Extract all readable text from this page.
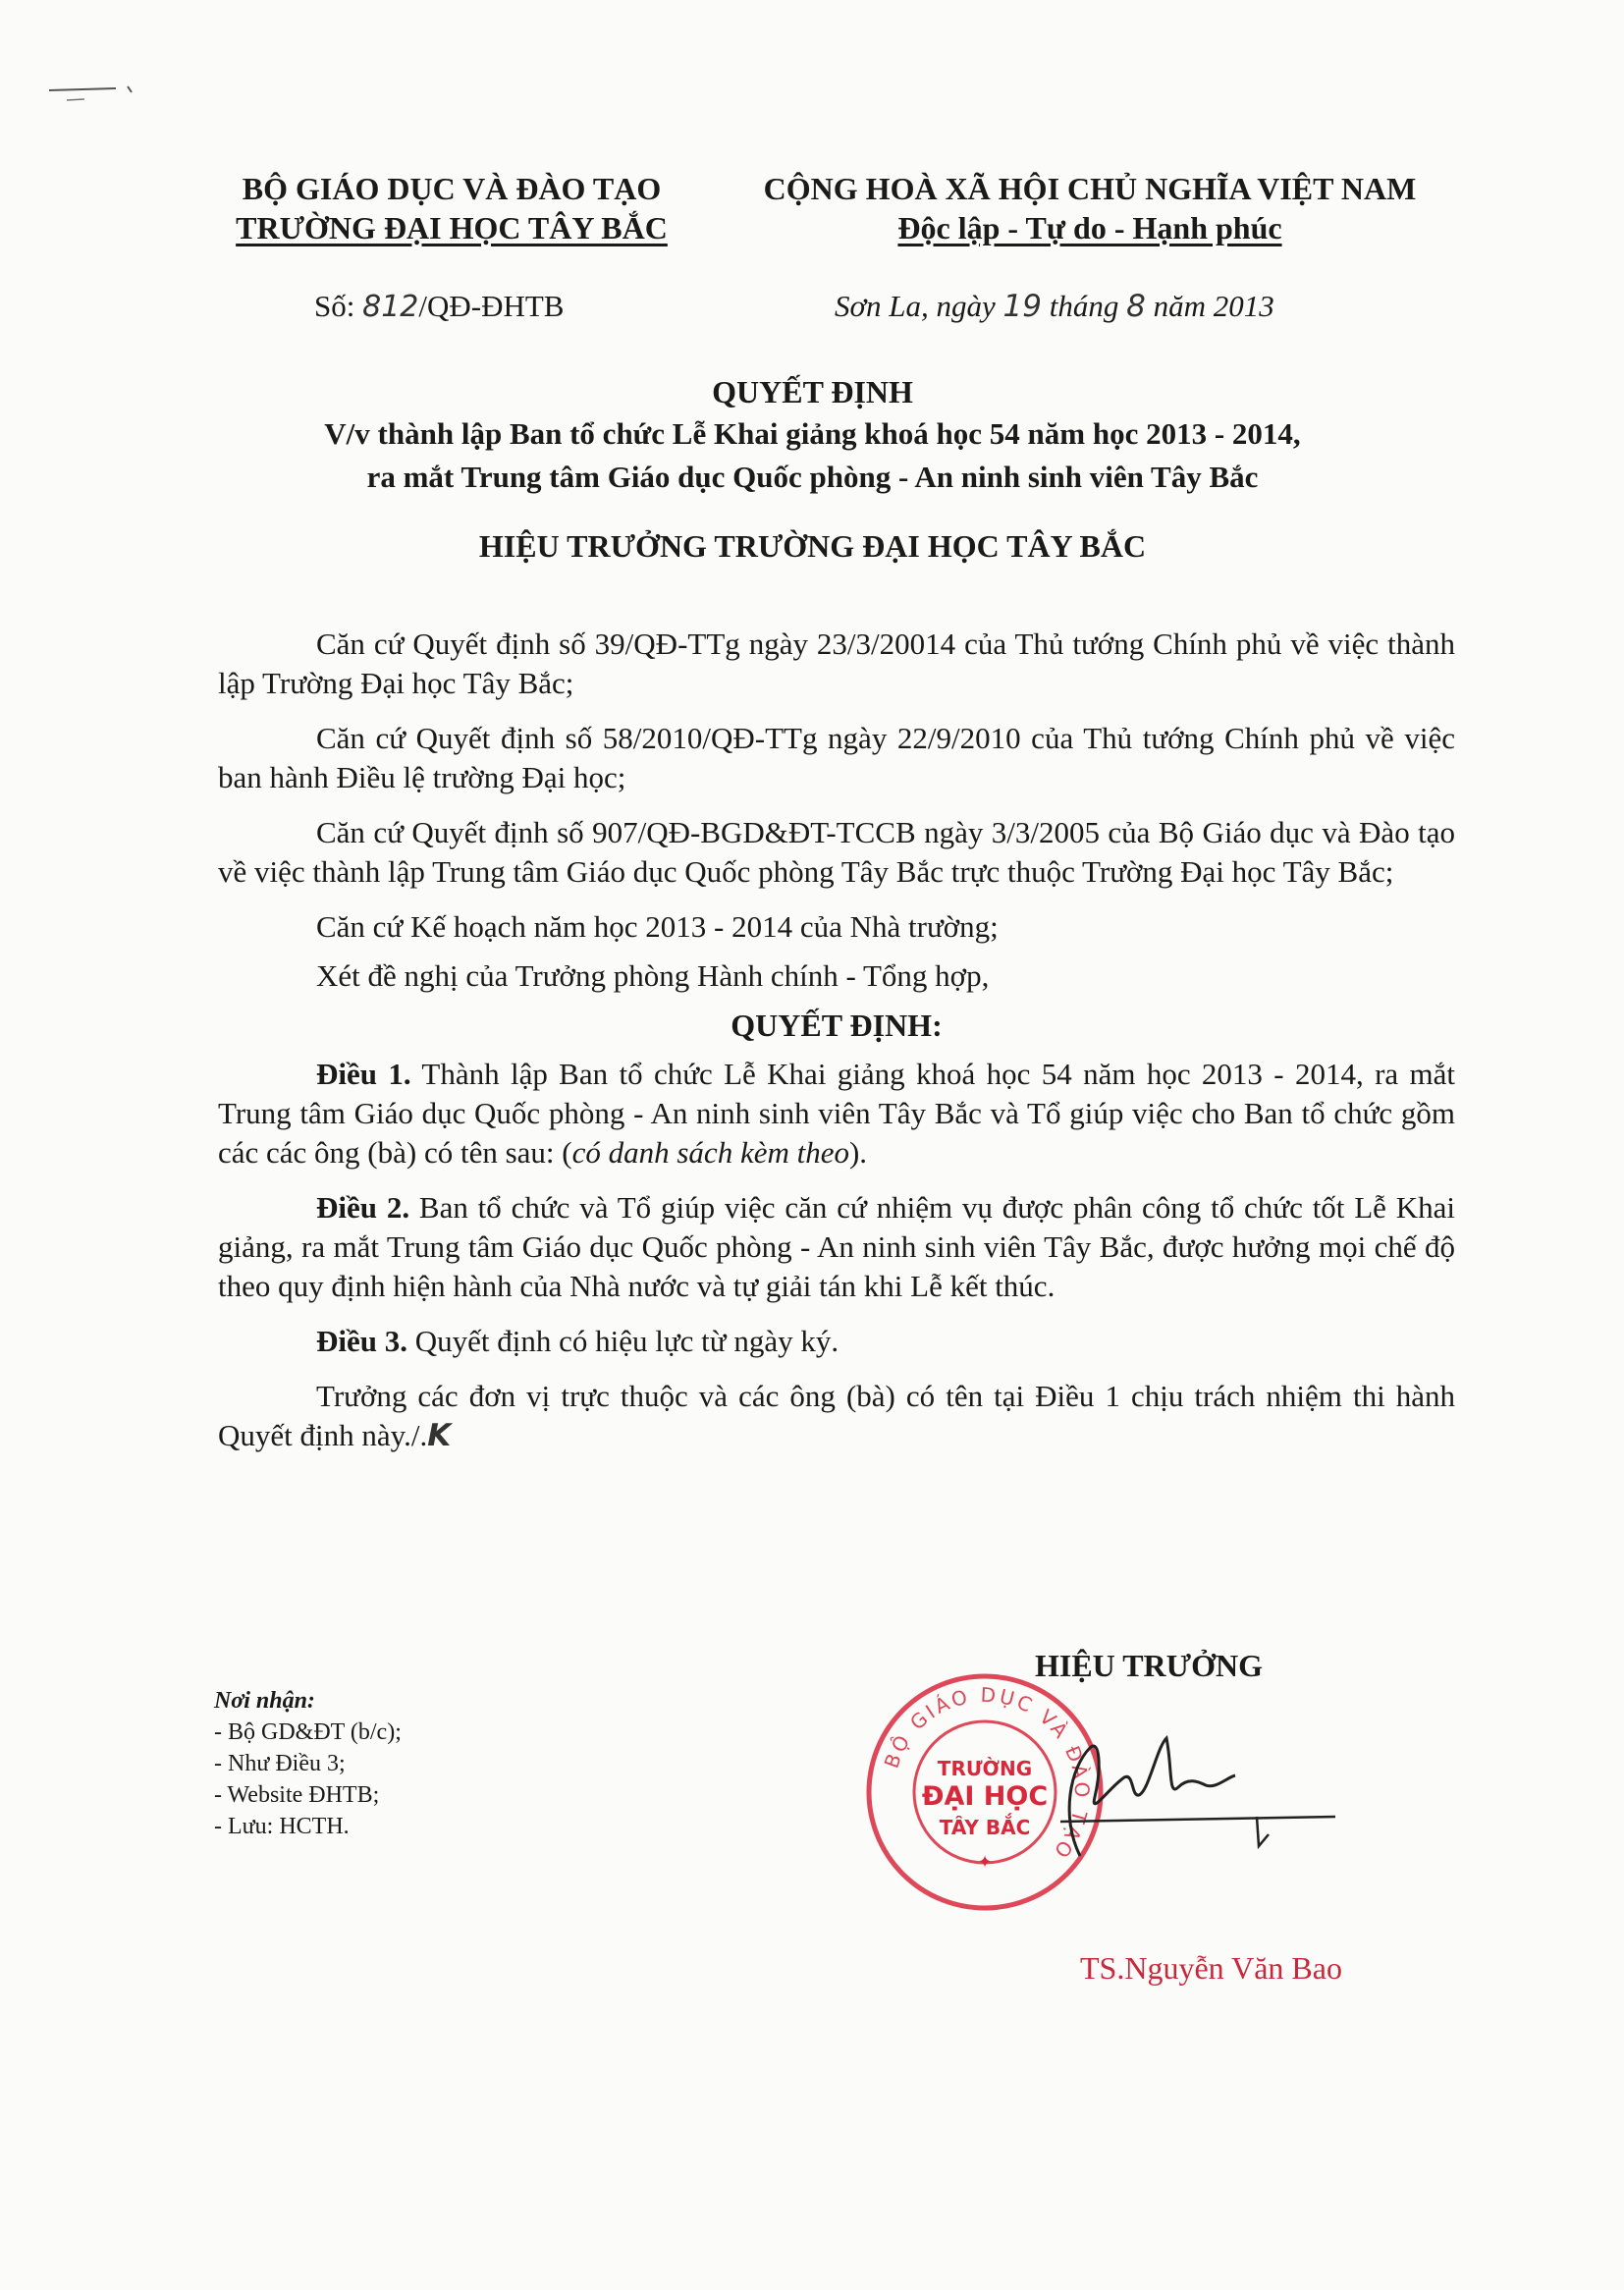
BỘ GIÁO DỤC VÀ ĐÀO TẠO
TRƯỜNG ĐẠI HỌC TÂY BẮC
CỘNG HOÀ XÃ HỘI CHỦ NGHĨA VIỆT NAM
Độc lập - Tự do - Hạnh phúc
Số: 812/QĐ-ĐHTB	Sơn La, ngày 19 tháng 8 năm 2013
QUYẾT ĐỊNH
V/v thành lập Ban tổ chức Lễ Khai giảng khoá học 54 năm học 2013 - 2014,
ra mắt Trung tâm Giáo dục Quốc phòng - An ninh sinh viên Tây Bắc
HIỆU TRƯỞNG TRƯỜNG ĐẠI HỌC TÂY BẮC

Căn cứ Quyết định số 39/QĐ-TTg ngày 23/3/20014 của Thủ tướng Chính phủ về việc thành lập Trường Đại học Tây Bắc;

Căn cứ Quyết định số 58/2010/QĐ-TTg ngày 22/9/2010 của Thủ tướng Chính phủ về việc ban hành Điều lệ trường Đại học;

Căn cứ Quyết định số 907/QĐ-BGD&ĐT-TCCB ngày 3/3/2005 của Bộ Giáo dục và Đào tạo về việc thành lập Trung tâm Giáo dục Quốc phòng Tây Bắc trực thuộc Trường Đại học Tây Bắc;

Căn cứ Kế hoạch năm học 2013 - 2014 của Nhà trường;

Xét đề nghị của Trưởng phòng Hành chính - Tổng hợp,

QUYẾT ĐỊNH:

Điều 1. Thành lập Ban tổ chức Lễ Khai giảng khoá học 54 năm học 2013 - 2014, ra mắt Trung tâm Giáo dục Quốc phòng - An ninh sinh viên Tây Bắc và Tổ giúp việc cho Ban tổ chức gồm các các ông (bà) có tên sau: (có danh sách kèm theo).

Điều 2. Ban tổ chức và Tổ giúp việc căn cứ nhiệm vụ được phân công tổ chức tốt Lễ Khai giảng, ra mắt Trung tâm Giáo dục Quốc phòng - An ninh sinh viên Tây Bắc, được hưởng mọi chế độ theo quy định hiện hành của Nhà nước và tự giải tán khi Lễ kết thúc.

Điều 3. Quyết định có hiệu lực từ ngày ký.

Trưởng các đơn vị trực thuộc và các ông (bà) có tên tại Điều 1 chịu trách nhiệm thi hành Quyết định này./.K

HIỆU TRƯỞNG
BỘ GIÁO DỤC VÀ ĐÀO TẠO
TRƯỜNG
ĐẠI HỌC
TÂY BẮC
✦
TS.Nguyễn Văn Bao
Nơi nhận:

- Bộ GD&ĐT (b/c);

- Như Điều 3;

- Website ĐHTB;

- Lưu: HCTH.
